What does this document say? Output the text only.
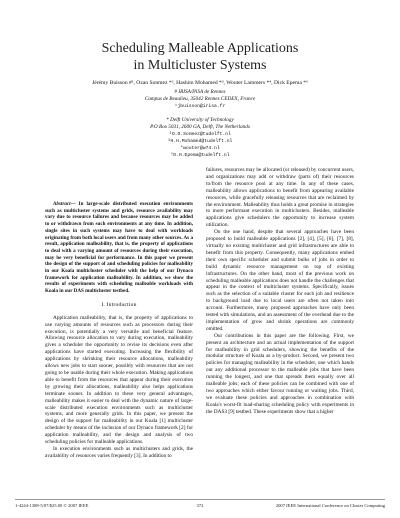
Scheduling Malleable Applications
in Multicluster Systems
Jérémy Buisson #¹, Ozan Sonmez *², Hashim Mohamed *³, Wouter Lammers *⁴, Dick Epema *⁵
# IRISA/INSA de Rennes
Campus de Beaulieu, 35042 Rennes CEDEX, France
¹jbuisson@irisa.fr
* Delft University of Technology
P.O Box 5031, 2600 GA, Delft, The Netherlands
²O.O.Sonmez@tudelft.nl
³H.H.Mohamed@tudelft.nl
⁴wouter@w74.nl
⁵D.H.Epema@tudelft.nl

Abstract— In large-scale distributed execution environments such as multicluster systems and grids, resource availability may vary due to resource failures and because resources may be added to or withdrawn from such environments at any time. In addition, single sites in such systems may have to deal with workloads originating from both local users and from many other sources. As a result, application malleability, that is, the property of applications to deal with a varying amount of resources during their execution, may be very beneficial for performance. In this paper we present the design of the support of and scheduling policies for malleability in our Koala multicluster scheduler with the help of our Dynaco framework for application malleability. In addition, we show the results of experiments with scheduling malleable workloads with Koala in our DAS multicluster testbed.

I. Introduction

Application malleability, that is, the property of applications to use varying amounts of resources such as processors during their execution, is potentially a very versatile and beneficial feature. Allowing resource allocation to vary during execution, malleability gives a scheduler the opportunity to revise its decisions even after applications have started executing. Increasing the flexibility of applications by shrinking their resource allocations, malleability allows new jobs to start sooner, possibly with resources that are not going to be usable during their whole execution. Making applications able to benefit from the resources that appear during their execution by growing their allocations, malleability also helps applications terminate sooner. In addition to these very general advantages, malleability makes it easier to deal with the dynamic nature of large-scale distributed execution environments such as multicluster systems, and more generally grids. In this paper, we present the design of the support for malleability in our Koala [1] multicluster scheduler by means of the inclusion of our Dynaco framework [2] for application malleability, and the design and analysis of two scheduling policies for malleable applications.

In execution environments such as multiclusters and grids, the availability of resources varies frequently [3]. In addition to

failures, resources may be allocated (or released) by concurrent users, and organizations may add or withdraw (parts of) their resources to/from the resource pool at any time. In any of these cases, malleability allows applications to benefit from appearing available resources, while gracefully releasing resources that are reclaimed by the environment. Malleability thus holds a great promise in strategies to more performant execution in multiclusters. Besides, malleable applications give schedulers the opportunity to increase system utilization.

On the one hand, despite that several approaches have been proposed to build malleable applications [2], [4], [5], [6], [7], [8], virtually no existing multicluster and grid infrastructures are able to benefit from this property. Consequently, many applications embed their own specific scheduler and submit bulks of jobs in order to build dynamic resource management on top of existing infrastructures. On the other hand, most of the previous work on scheduling malleable applications does not handle the challenges that appear in the context of multicluster systems. Specifically, issues such as the selection of a suitable cluster for each job and resilience to background load due to local users are often not taken into account. Furthermore, many proposed approaches have only been tested with simulations, and an assessment of the overhead due to the implementation of grow and shrink operations are commonly omitted.

Our contributions in this paper are the following. First, we present an architecture and an actual implementation of the support for malleability in grid schedulers, showing the benefits of the modular structure of Koala as a by-product. Second, we present two policies for managing malleability in the scheduler, one which hands out any additional processor to the malleable jobs that have been running the longest, and one that spreads them equally over all malleable jobs; each of these policies can be combined with one of two approaches which either favour running or waiting jobs. Third, we evaluate these policies and approaches in combination with Koala's worst-fit load-sharing scheduling policy with experiments in the DAS3 [9] testbed. These experiments show that a higher

1-4244-1388-5/07/$25.00 © 2007 IEEE	372	2007 IEEE International Conference on Cluster Computing
